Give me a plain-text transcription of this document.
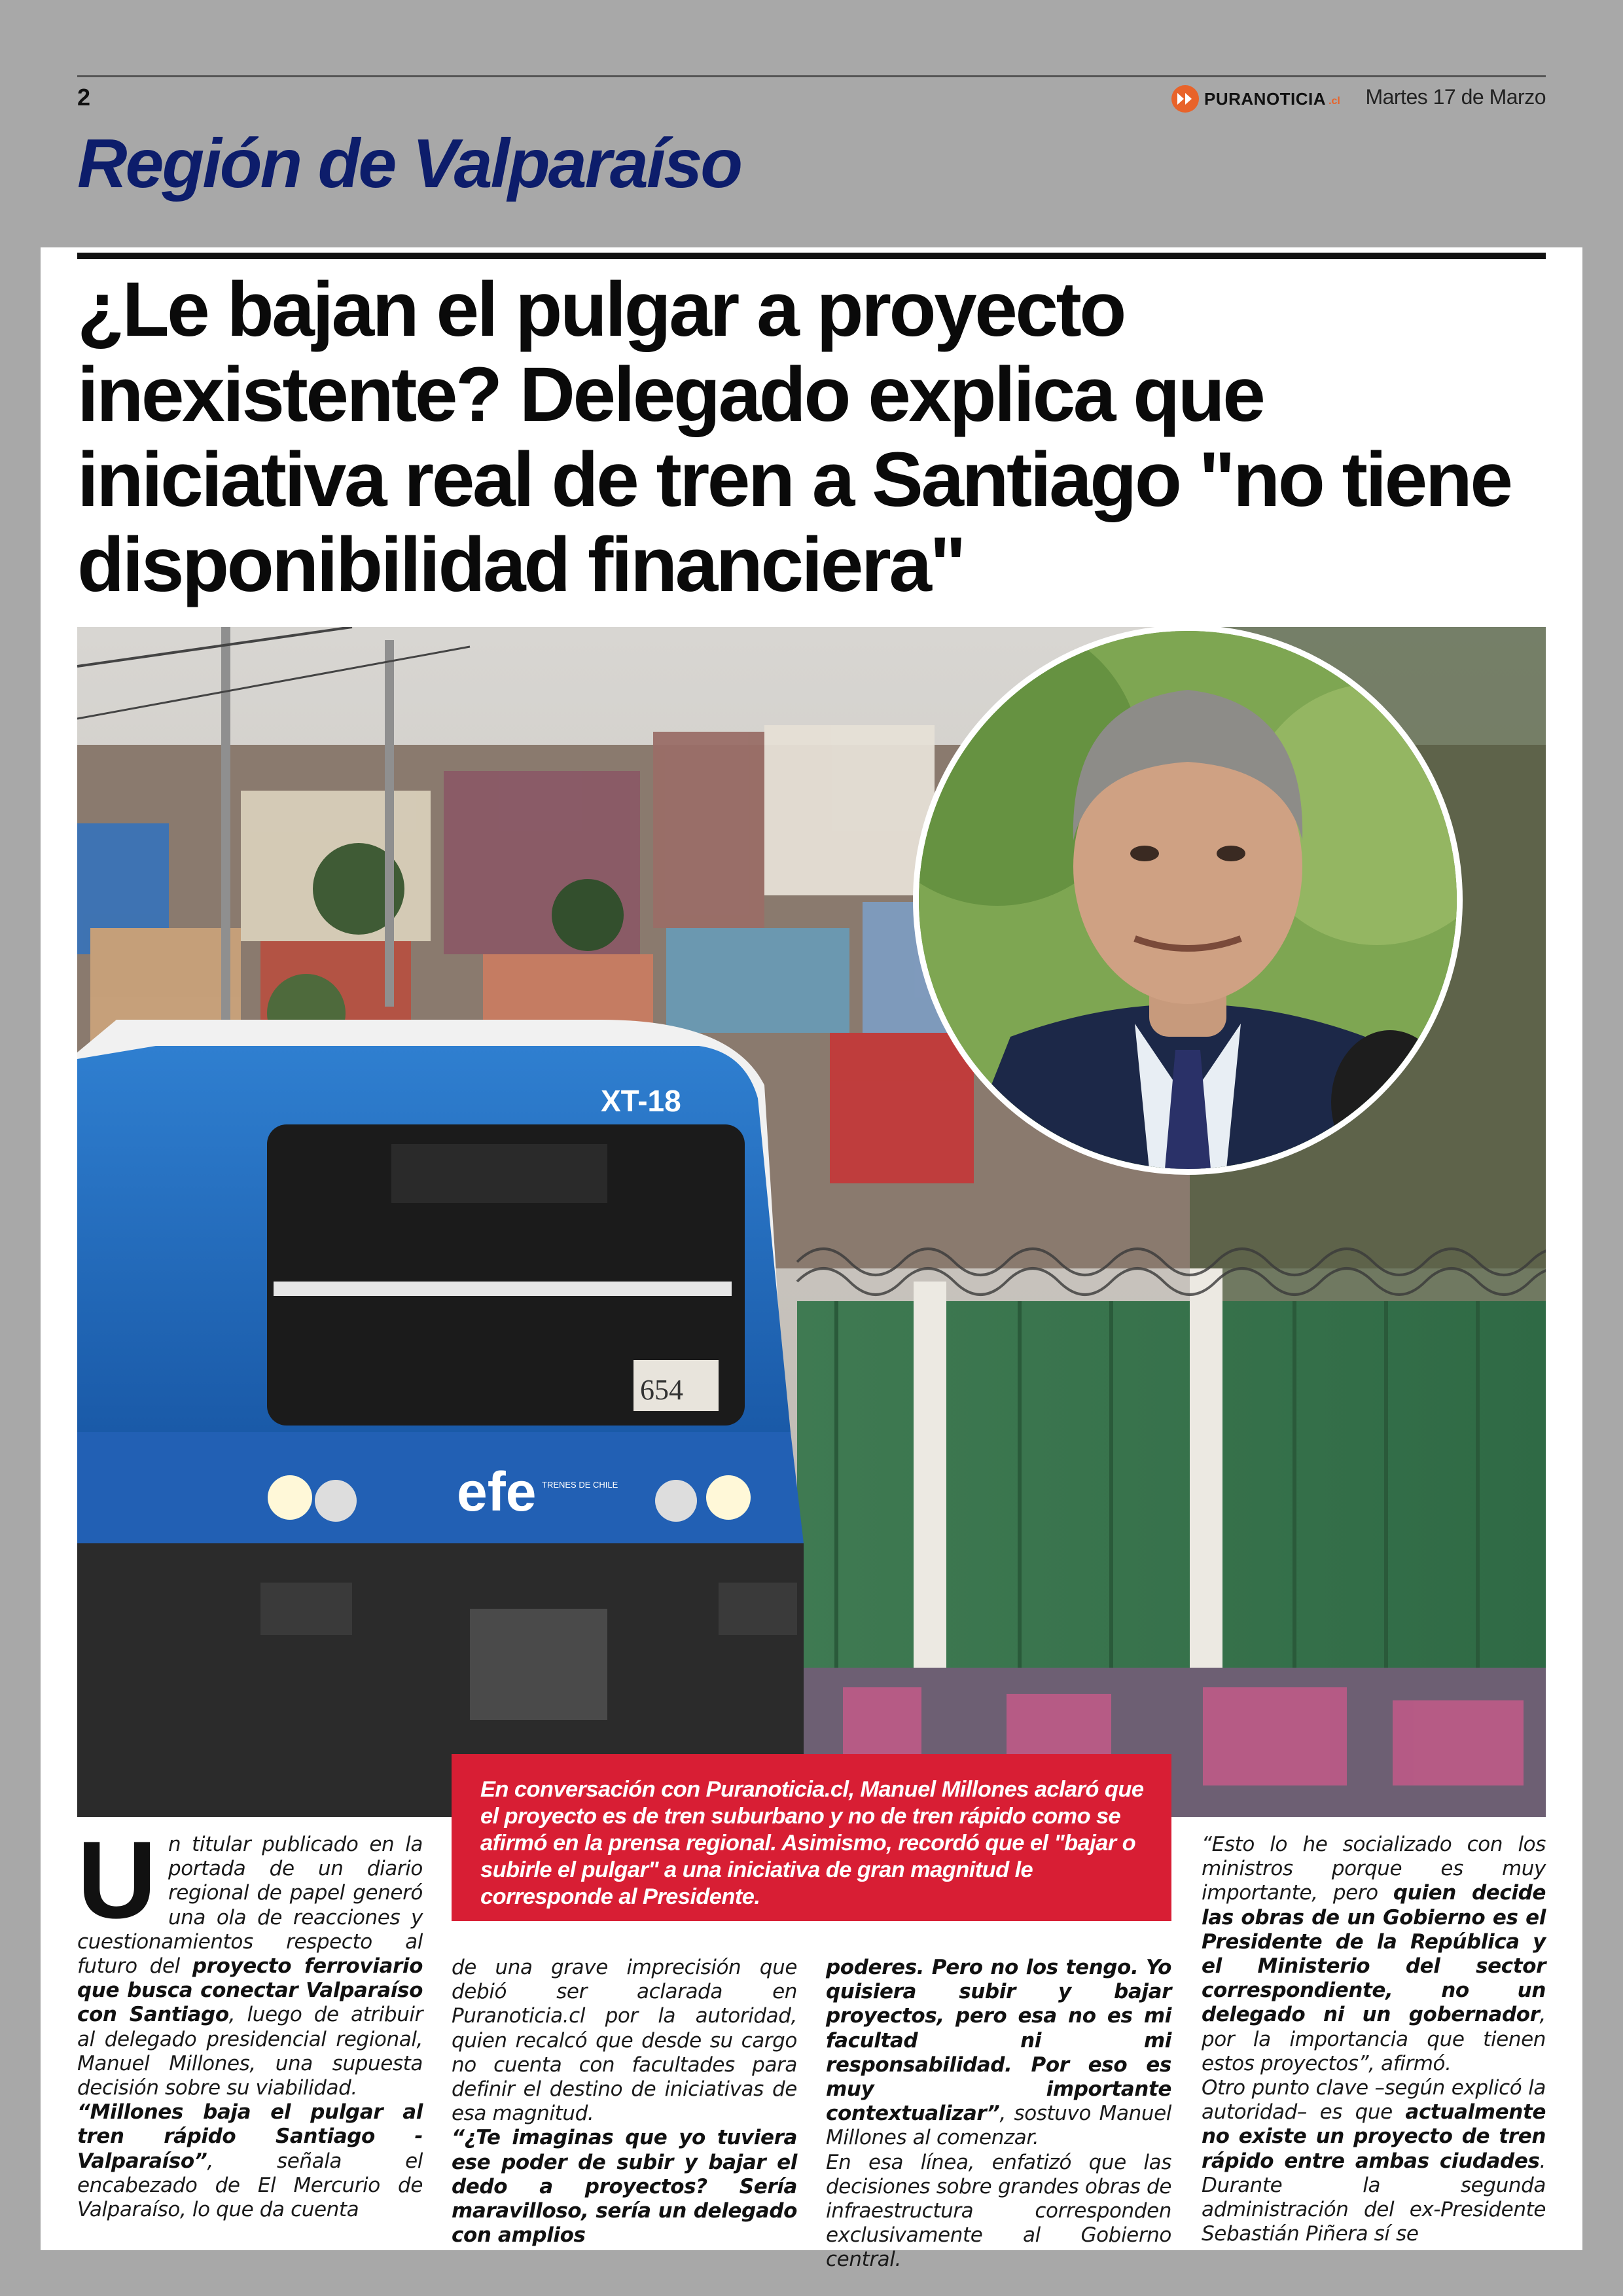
2	PURANOTICIA .cl Martes 17 de Marzo
Región de Valparaíso
¿Le bajan el pulgar a proyecto inexistente? Delegado explica que iniciativa real de tren a Santiago "no tiene disponibilidad financiera"
XT-18
654
efe TRENES DE CHILE
En conversación con Puranoticia.cl, Manuel Millones aclaró que el proyecto es de tren suburbano y no de tren rápido como se afirmó en la prensa regional. Asimismo, recordó que el "bajar o subirle el pulgar" a una iniciativa de gran magnitud le corresponde al Presidente.

Un titular publicado en la portada de un diario regional de papel generó una ola de reacciones y cuestionamientos respecto al futuro del proyecto ferroviario que busca conectar Valparaíso con Santiago, luego de atribuir al delegado presidencial regional, Manuel Millones, una supuesta decisión sobre su viabilidad.

“Millones baja el pulgar al tren rápido Santiago - Valparaíso”, señala el encabezado de El Mercurio de Valparaíso, lo que da cuenta

de una grave imprecisión que debió ser aclarada en Puranoticia.cl por la autoridad, quien recalcó que desde su cargo no cuenta con facultades para definir el destino de iniciativas de esa magnitud.

“¿Te imaginas que yo tuviera ese poder de subir y bajar el dedo a proyectos? Sería maravilloso, sería un delegado con amplios

poderes. Pero no los tengo. Yo quisiera subir y bajar proyectos, pero esa no es mi facultad ni mi responsabilidad. Por eso es muy importante contextualizar”, sostuvo Manuel Millones al comenzar.

En esa línea, enfatizó que las decisiones sobre grandes obras de infraestructura corresponden exclusivamente al Gobierno central.

“Esto lo he socializado con los ministros porque es muy importante, pero quien decide las obras de un Gobierno es el Presidente de la República y el Ministerio del sector correspondiente, no un delegado ni un gobernador, por la importancia que tienen estos proyectos”, afirmó.

Otro punto clave –según explicó la autoridad– es que actualmente no existe un proyecto de tren rápido entre ambas ciudades. Durante la segunda administración del ex-Presidente Sebastián Piñera sí se
